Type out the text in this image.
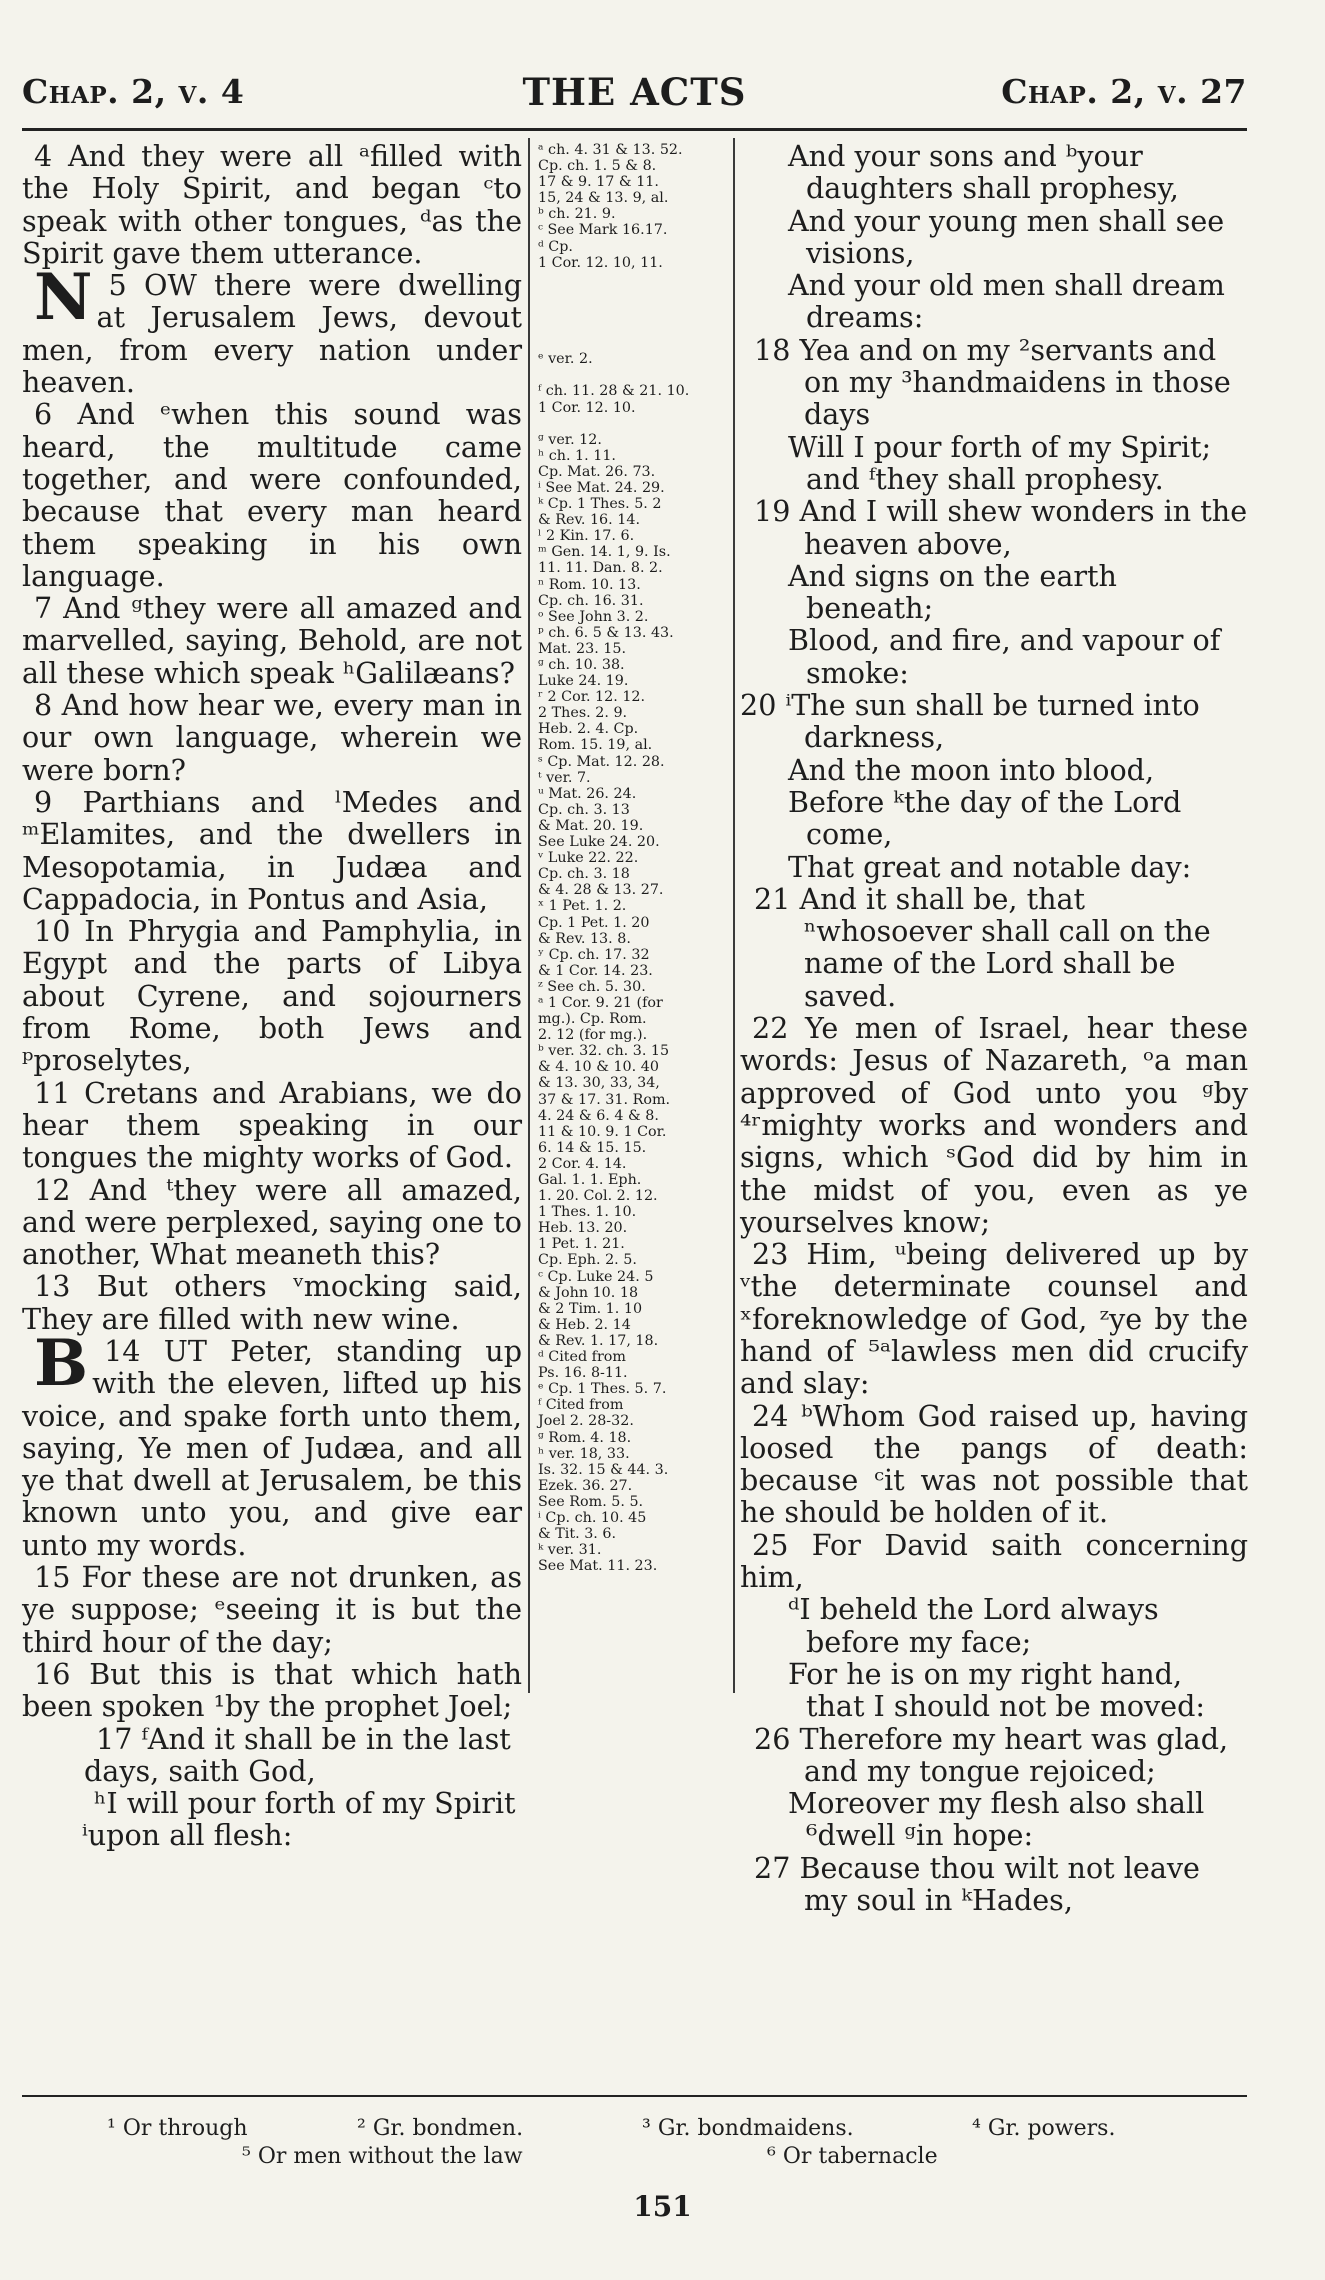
Chap. 2, v. 4	THE ACTS	Chap. 2, v. 27

4 And they were all ᵃfilled with the Holy Spirit, and began ᶜto speak with other tongues, ᵈas the Spirit gave them utterance.

5
N OW there were dwelling at Jerusalem Jews, devout men, from every nation under heaven.

6 And ᵉwhen this sound was heard, the multitude came together, and were confounded, because that every man heard them speaking in his own language.

7 And ᵍthey were all amazed and marvelled, saying, Behold, are not all these which speak ʰGalilæans?

8 And how hear we, every man in our own language, wherein we were born?

9 Parthians and ˡMedes and ᵐElamites, and the dwellers in Mesopotamia, in Judæa and Cappadocia, in Pontus and Asia,

10 In Phrygia and Pamphylia, in Egypt and the parts of Libya about Cyrene, and sojourners from Rome, both Jews and ᵖproselytes,

11 Cretans and Arabians, we do hear them speaking in our tongues the mighty works of God.

12 And ᵗthey were all amazed, and were perplexed, saying one to another, What meaneth this?

13 But others ᵛmocking said, They are filled with new wine.

14
B	UT Peter, standing up with the eleven, lifted up his voice, and spake forth unto them, saying, Ye men of Judæa, and all ye that dwell at Jerusalem, be this known unto you, and give ear unto my words.

15 For these are not drunken, as ye suppose; ᵉseeing it is but the third hour of the day;

16 But this is that which hath been spoken ¹by the prophet Joel;

17 ᶠAnd it shall be in the last days, saith God,

ʰI will pour forth of my Spirit ⁱupon all flesh:

ᵃ ch. 4. 31 & 13. 52.
Cp. ch. 1. 5 & 8.
17 & 9. 17 & 11.
15, 24 & 13. 9, al.
ᵇ ch. 21. 9.
ᶜ See Mark 16.17.
ᵈ Cp.
1 Cor. 12. 10, 11.

ᵉ ver. 2.

ᶠ ch. 11. 28 & 21. 10.
1 Cor. 12. 10.

ᵍ ver. 12.
ʰ ch. 1. 11.
Cp. Mat. 26. 73.
ⁱ See Mat. 24. 29.
ᵏ Cp. 1 Thes. 5. 2
& Rev. 16. 14.
ˡ 2 Kin. 17. 6.
ᵐ Gen. 14. 1, 9. Is.
11. 11. Dan. 8. 2.
ⁿ Rom. 10. 13.
Cp. ch. 16. 31.
ᵒ See John 3. 2.
ᵖ ch. 6. 5 & 13. 43.
Mat. 23. 15.
ᵍ ch. 10. 38.
Luke 24. 19.
ʳ 2 Cor. 12. 12.
2 Thes. 2. 9.
Heb. 2. 4. Cp.
Rom. 15. 19, al.
ˢ Cp. Mat. 12. 28.
ᵗ ver. 7.
ᵘ Mat. 26. 24.
Cp. ch. 3. 13
& Mat. 20. 19.
See Luke 24. 20.
ᵛ Luke 22. 22.
Cp. ch. 3. 18
& 4. 28 & 13. 27.
ˣ 1 Pet. 1. 2.
Cp. 1 Pet. 1. 20
& Rev. 13. 8.
ʸ Cp. ch. 17. 32
& 1 Cor. 14. 23.
ᶻ See ch. 5. 30.
ᵃ 1 Cor. 9. 21 (for
mg.). Cp. Rom.
2. 12 (for mg.).
ᵇ ver. 32. ch. 3. 15
& 4. 10 & 10. 40
& 13. 30, 33, 34,
37 & 17. 31. Rom.
4. 24 & 6. 4 & 8.
11 & 10. 9. 1 Cor.
6. 14 & 15. 15.
2 Cor. 4. 14.
Gal. 1. 1. Eph.
1. 20. Col. 2. 12.
1 Thes. 1. 10.
Heb. 13. 20.
1 Pet. 1. 21.
Cp. Eph. 2. 5.
ᶜ Cp. Luke 24. 5
& John 10. 18
& 2 Tim. 1. 10
& Heb. 2. 14
& Rev. 1. 17, 18.
ᵈ Cited from
Ps. 16. 8-11.
ᵉ Cp. 1 Thes. 5. 7.
ᶠ Cited from
Joel 2. 28-32.
ᵍ Rom. 4. 18.
ʰ ver. 18, 33.
Is. 32. 15 & 44. 3.
Ezek. 36. 27.
See Rom. 5. 5.
ⁱ Cp. ch. 10. 45
& Tit. 3. 6.
ᵏ ver. 31.
See Mat. 11. 23.

And your sons and ᵇyour daughters shall prophesy,

And your young men shall see visions,

And your old men shall dream dreams:

18 Yea and on my ²servants and on my ³handmaidens in those days

Will I pour forth of my Spirit; and ᶠthey shall prophesy.

19 And I will shew wonders in the heaven above,

And signs on the earth beneath;

Blood, and fire, and vapour of smoke:

20 ⁱThe sun shall be turned into darkness,

And the moon into blood,

Before ᵏthe day of the Lord come,

That great and notable day:

21 And it shall be, that ⁿwhosoever shall call on the name of the Lord shall be saved.

22 Ye men of Israel, hear these words: Jesus of Nazareth, ᵒa man approved of God unto you ᵍby ⁴ʳmighty works and wonders and signs, which ˢGod did by him in the midst of you, even as ye yourselves know;

23 Him, ᵘbeing delivered up by ᵛthe determinate counsel and ˣforeknowledge of God, ᶻye by the hand of ⁵ᵃlawless men did crucify and slay:

24 ᵇWhom God raised up, having loosed the pangs of death: because ᶜit was not possible that he should be holden of it.

25 For David saith concerning him,

ᵈI beheld the Lord always before my face;

For he is on my right hand, that I should not be moved:

26 Therefore my heart was glad, and my tongue rejoiced;

Moreover my flesh also shall ⁶dwell ᵍin hope:

27 Because thou wilt not leave my soul in ᵏHades,

¹ Or through	² Gr. bondmen.	³ Gr. bondmaidens.	⁴ Gr. powers.
⁵ Or men without the law	⁶ Or tabernacle
151
